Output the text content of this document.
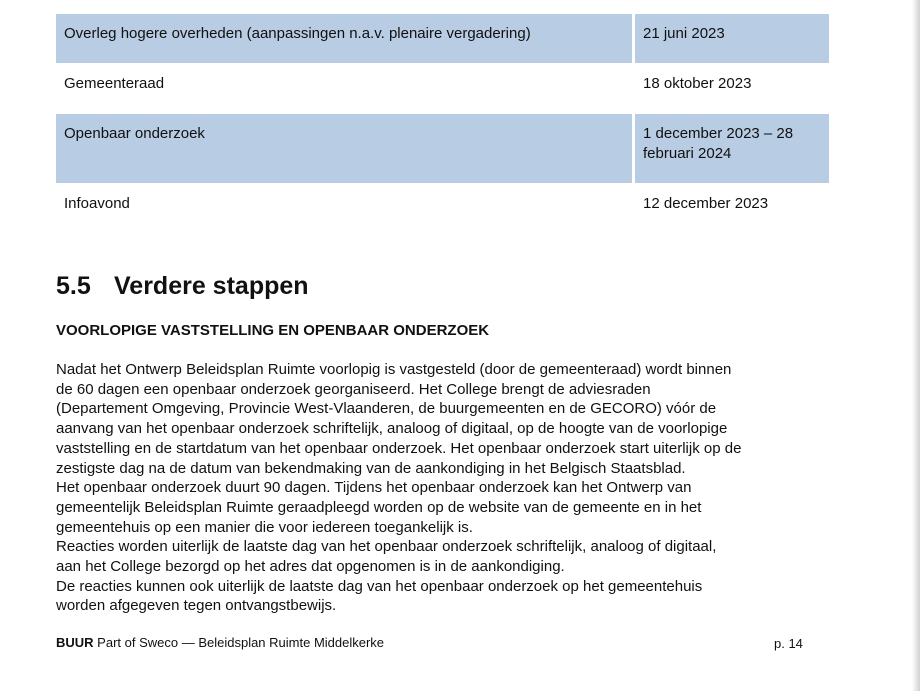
Overleg hogere overheden (aanpassingen n.a.v. plenaire vergadering)	21 juni 2023
Gemeenteraad	18 oktober 2023
Openbaar onderzoek	1 december 2023 – 28 februari 2024
Infoavond	12 december 2023
5.5 Verdere stappen
VOORLOPIGE VASTSTELLING EN OPENBAAR ONDERZOEK

Nadat het Ontwerp Beleidsplan Ruimte voorlopig is vastgesteld (door de gemeenteraad) wordt binnen
de 60 dagen een openbaar onderzoek georganiseerd. Het College brengt de adviesraden
(Departement Omgeving, Provincie West-Vlaanderen, de buurgemeenten en de GECORO) vóór de
aanvang van het openbaar onderzoek schriftelijk, analoog of digitaal, op de hoogte van de voorlopige
vaststelling en de startdatum van het openbaar onderzoek. Het openbaar onderzoek start uiterlijk op de
zestigste dag na de datum van bekendmaking van de aankondiging in het Belgisch Staatsblad.
Het openbaar onderzoek duurt 90 dagen. Tijdens het openbaar onderzoek kan het Ontwerp van
gemeentelijk Beleidsplan Ruimte geraadpleegd worden op de website van de gemeente en in het
gemeentehuis op een manier die voor iedereen toegankelijk is.
Reacties worden uiterlijk de laatste dag van het openbaar onderzoek schriftelijk, analoog of digitaal,
aan het College bezorgd op het adres dat opgenomen is in de aankondiging.
De reacties kunnen ook uiterlijk de laatste dag van het openbaar onderzoek op het gemeentehuis
worden afgegeven tegen ontvangstbewijs.

BUUR Part of Sweco — Beleidsplan Ruimte Middelkerke	p. 14
